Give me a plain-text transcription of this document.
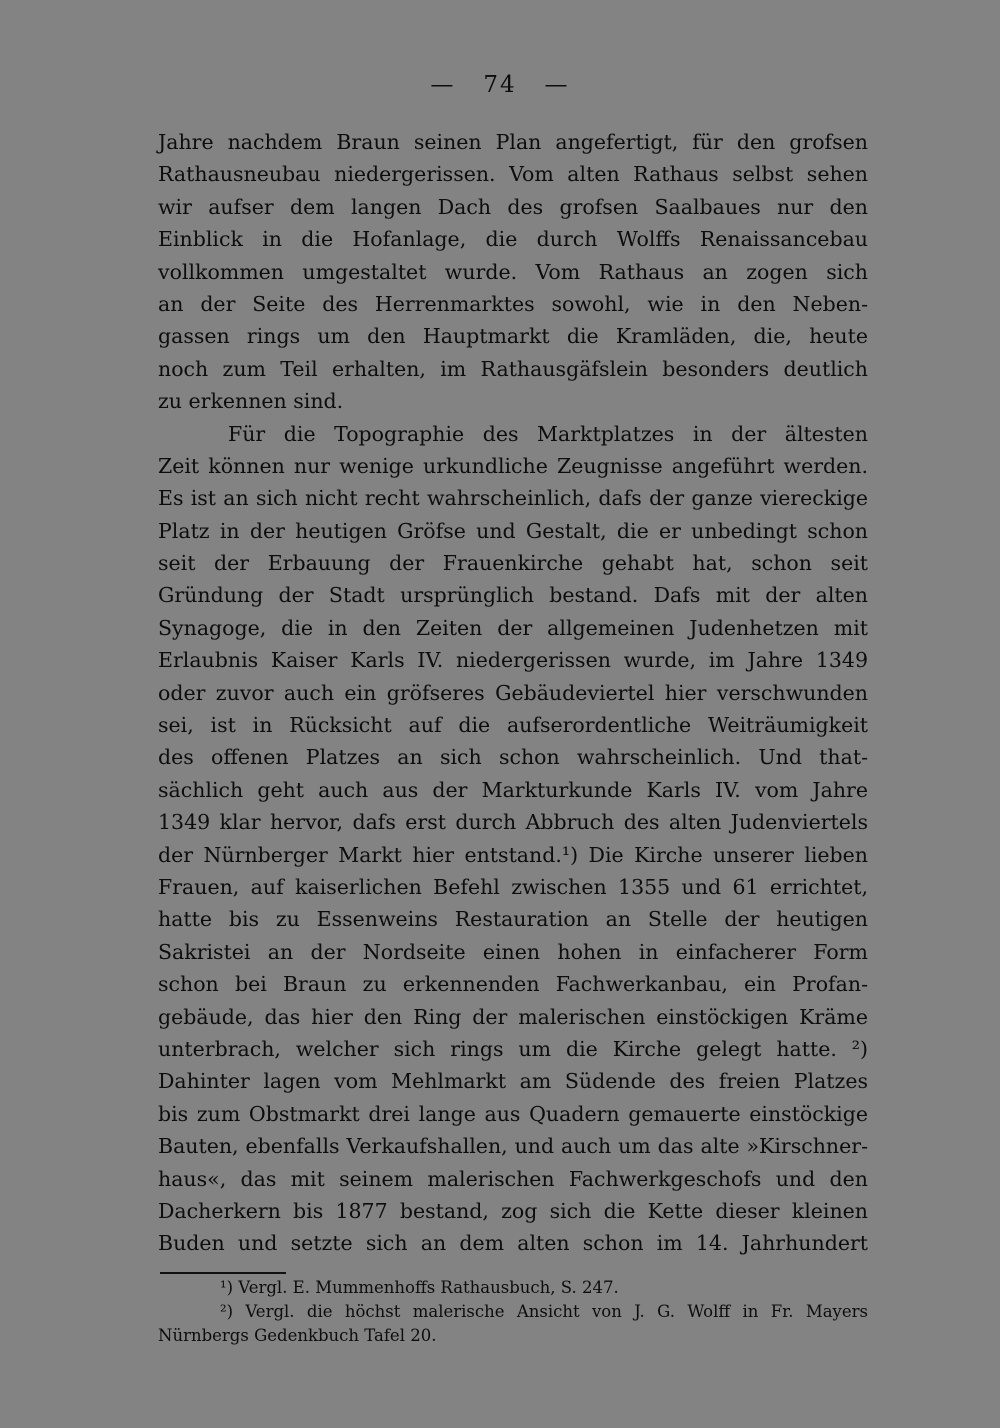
—   74   —
Jahre nachdem Braun seinen Plan angefertigt, für den grofsen
Rathausneubau niedergerissen. Vom alten Rathaus selbst sehen
wir aufser dem langen Dach des grofsen Saalbaues nur den
Einblick in die Hofanlage, die durch Wolffs Renaissancebau
vollkommen umgestaltet wurde. Vom Rathaus an zogen sich
an der Seite des Herrenmarktes sowohl, wie in den Neben-
gassen rings um den Hauptmarkt die Kramläden, die, heute
noch zum Teil erhalten, im Rathausgäfslein besonders deutlich
zu erkennen sind.
Für die Topographie des Marktplatzes in der ältesten
Zeit können nur wenige urkundliche Zeugnisse angeführt werden.
Es ist an sich nicht recht wahrscheinlich, dafs der ganze viereckige
Platz in der heutigen Gröfse und Gestalt, die er unbedingt schon
seit der Erbauung der Frauenkirche gehabt hat, schon seit
Gründung der Stadt ursprünglich bestand. Dafs mit der alten
Synagoge, die in den Zeiten der allgemeinen Judenhetzen mit
Erlaubnis Kaiser Karls IV. niedergerissen wurde, im Jahre 1349
oder zuvor auch ein gröfseres Gebäudeviertel hier verschwunden
sei, ist in Rücksicht auf die aufserordentliche Weiträumigkeit
des offenen Platzes an sich schon wahrscheinlich. Und that-
sächlich geht auch aus der Markturkunde Karls IV. vom Jahre
1349 klar hervor, dafs erst durch Abbruch des alten Judenviertels
der Nürnberger Markt hier entstand.¹) Die Kirche unserer lieben
Frauen, auf kaiserlichen Befehl zwischen 1355 und 61 errichtet,
hatte bis zu Essenweins Restauration an Stelle der heutigen
Sakristei an der Nordseite einen hohen in einfacherer Form
schon bei Braun zu erkennenden Fachwerkanbau, ein Profan-
gebäude, das hier den Ring der malerischen einstöckigen Kräme
unterbrach, welcher sich rings um die Kirche gelegt hatte. ²)
Dahinter lagen vom Mehlmarkt am Südende des freien Platzes
bis zum Obstmarkt drei lange aus Quadern gemauerte einstöckige
Bauten, ebenfalls Verkaufshallen, und auch um das alte »Kirschner-
haus«, das mit seinem malerischen Fachwerkgeschofs und den
Dacherkern bis 1877 bestand, zog sich die Kette dieser kleinen
Buden und setzte sich an dem alten schon im 14. Jahrhundert
¹) Vergl. E. Mummenhoffs Rathausbuch, S. 247.
²) Vergl. die höchst malerische Ansicht von J. G. Wolff in Fr. Mayers
Nürnbergs Gedenkbuch Tafel 20.
